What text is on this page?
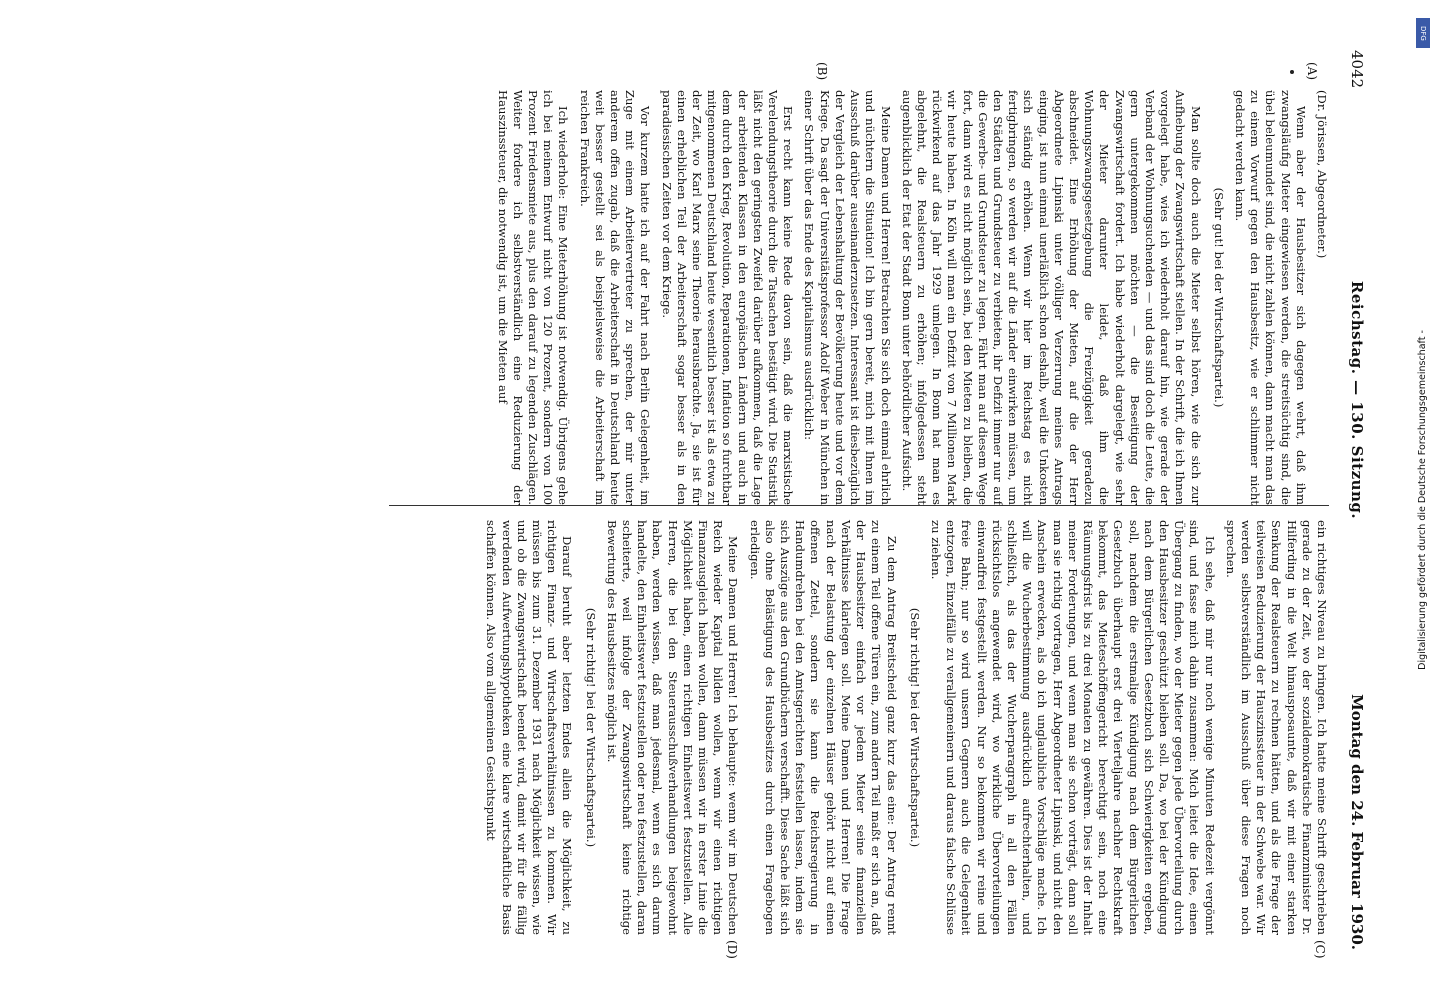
4042
Reichstag. — 130. Sitzung.
Montag den 24. Februar 1930.
(A)
(B)
(C)
(D)

(Dr. Jörissen, Abgeordneter.)

Wenn aber der Hausbesitzer sich dagegen wehrt, daß ihm zwangsläufig Mieter eingewiesen werden, die streitsüchtig sind, die übel beleumundet sind, die nicht zahlen können, dann macht man das zu einem Vorwurf gegen den Hausbesitz, wie er schlimmer nicht gedacht werden kann.

(Sehr gut! bei der Wirtschaftspartei.)

Man sollte doch auch die Mieter selbst hören, wie die sich zur Aufhebung der Zwangswirtschaft stellen. In der Schrift, die ich Ihnen vorgelegt habe, wies ich wiederholt darauf hin, wie gerade der Verband der Wohnungsuchenden — und das sind doch die Leute, die gern untergekommen möchten — die Beseitigung der Zwangswirtschaft fordert. Ich habe wiederholt dargelegt, wie sehr der Mieter darunter leidet, daß ihm die Wohnungszwangsgesetzgebung die Freizügigkeit geradezu abschneidet. Eine Erhöhung der Mieten, auf die der Herr Abgeordnete Lipinski unter völliger Verzerrung meines Antrags einging, ist nun einmal unerläßlich schon deshalb, weil die Unkosten sich ständig erhöhen. Wenn wir hier im Reichstag es nicht fertigbringen, so werden wir auf die Länder einwirken müssen, um den Städten und Grundsteuer zu verbieten, ihr Defizit immer nur auf die Gewerbe- und Grundsteuer zu legen. Fährt man auf diesem Wege fort, dann wird es nicht möglich sein, bei den Mieten zu bleiben, die wir heute haben. In Köln will man ein Defizit von 7 Millionen Mark rückwirkend auf das Jahr 1929 umlegen. In Bonn hat man es abgelehnt, die Realsteuern zu erhöhen; infolgedessen steht augenblicklich der Etat der Stadt Bonn unter behördlicher Aufsicht.

Meine Damen und Herren! Betrachten Sie sich doch einmal ehrlich und nüchtern die Situation! Ich bin gern bereit, mich mit Ihnen im Ausschuß darüber auseinanderzusetzen. Interessant ist diesbezüglich der Vergleich der Lebenshaltung der Bevölkerung heute und vor dem Kriege. Da sagt der Universitätsprofessor Adolf Weber in München in einer Schrift über das Ende des Kapitalismus ausdrücklich:

Erst recht kann keine Rede davon sein, daß die marxistische Verelendungstheorie durch die Tatsachen bestätigt wird. Die Statistik läßt nicht den geringsten Zweifel darüber aufkommen, daß die Lage der arbeitenden Klassen in den europäischen Ländern und auch in dem durch den Krieg, Revolution, Reparationen, Inflation so furchtbar mitgenommenen Deutschland heute wesentlich besser ist als etwa zu der Zeit, wo Karl Marx seine Theorie herausbrachte. Ja, sie ist für einen erheblichen Teil der Arbeiterschaft sogar besser als in den paradiesischen Zeiten vor dem Kriege.

Vor kurzem hatte ich auf der Fahrt nach Berlin Gelegenheit, im Zuge mit einem Arbeitervertreter zu sprechen, der mir unter anderem offen zugab, daß die Arbeiterschaft in Deutschland heute weit besser gestellt sei als beispielsweise die Arbeiterschaft im reichen Frankreich.

Ich wiederhole: Eine Mieterhöhung ist notwendig. Übrigens gehe ich bei meinem Entwurf nicht von 120 Prozent, sondern von 100 Prozent Friedensmiete aus, plus den darauf zu legenden Zuschlägen. Weiter fordere ich selbstverständlich eine Reduzierung der Hauszinssteuer, die notwendig ist, um die Mieten auf

ein richtiges Niveau zu bringen. Ich hatte meine Schrift geschrieben gerade zu der Zeit, wo der sozialdemokratische Finanzminister Dr. Hilferding in die Welt hinausposaunte, daß wir mit einer starken Senkung der Realsteuern zu rechnen hätten, und als die Frage der teilweisen Reduzierung der Hauszinssteuer in der Schwebe war. Wir werden selbstverständlich im Ausschuß über diese Fragen noch sprechen.

Ich sehe, daß mir nur noch wenige Minuten Redezeit vergönnt sind, und fasse mich dahin zusammen: Mich leitet die Idee, einen Übergang zu finden, wo der Mieter gegen jede Übervorteilung durch den Hausbesitzer geschützt bleiben soll. Da, wo bei der Kündigung nach dem Bürgerlichen Gesetzbuch sich Schwierigkeiten ergeben, soll, nachdem die erstmalige Kündigung nach dem Bürgerlichen Gesetzbuch überhaupt erst drei Vierteljahre nachher Rechtskraft bekommt, das Mieteschöffengericht berechtigt sein, noch eine Räumungsfrist bis zu drei Monaten zu gewähren. Dies ist der Inhalt meiner Forderungen, und wenn man sie schon vorträgt, dann soll man sie richtig vortragen, Herr Abgeordneter Lipinski, und nicht den Anschein erwecken, als ob ich unglaubliche Vorschläge mache. Ich will die Wucherbestimmung ausdrücklich aufrechterhalten, und schließlich, als das der Wucherparagraph in all den Fällen rücksichtslos angewendet wird, wo wirkliche Übervorteilungen einwandfrei festgestellt werden. Nur so bekommen wir reine und freie Bahn; nur so wird unsern Gegnern auch die Gelegenheit entzogen, Einzelfälle zu verallgemeinern und daraus falsche Schlüsse zu ziehen.

(Sehr richtig! bei der Wirtschaftspartei.)

Zu dem Antrag Breitscheid ganz kurz das eine: Der Antrag rennt zu einem Teil offene Türen ein, zum andern Teil maßt er sich an, daß der Hausbesitzer einfach vor jedem Mieter seine finanziellen Verhältnisse klarlegen soll. Meine Damen und Herren! Die Frage nach der Belastung der einzelnen Häuser gehört nicht auf einen offenen Zettel, sondern sie kann die Reichsregierung in Handumdrehen bei den Amtsgerichten feststellen lassen, indem sie sich Auszüge aus den Grundbüchern verschafft. Diese Sache läßt sich also ohne Belästigung des Hausbesitzes durch einen Fragebogen erledigen.

Meine Damen und Herren! Ich behaupte: wenn wir im Deutschen Reich wieder Kapital bilden wollen, wenn wir einen richtigen Finanzausgleich haben wollen, dann müssen wir in erster Linie die Möglichkeit haben, einen richtigen Einheitswert festzustellen. Alle Herren, die bei den Steuerausschußverhandlungen beigewohnt haben, werden wissen, daß man jedesmal, wenn es sich darum handelte, den Einheitswert festzustellen oder neu festzustellen, daran scheiterte, weil infolge der Zwangswirtschaft keine richtige Bewertung des Hausbesitzes möglich ist.

(Sehr richtig! bei der Wirtschaftspartei.)

Darauf beruht aber letzten Endes allein die Möglichkeit, zu richtigen Finanz- und Wirtschaftsverhältnissen zu kommen. Wir müssen bis zum 31. Dezember 1931 nach Möglichkeit wissen, wie und ob die Zwangswirtschaft beendet wird, damit wir für die fällig werdenden Aufwertungshypotheken eine klare wirtschaftliche Basis schaffen können. Also vom allgemeinen Gesichtspunkt

Digitalisierung gefördert durch die Deutsche Forschungsgemeinschaft -
DFG
